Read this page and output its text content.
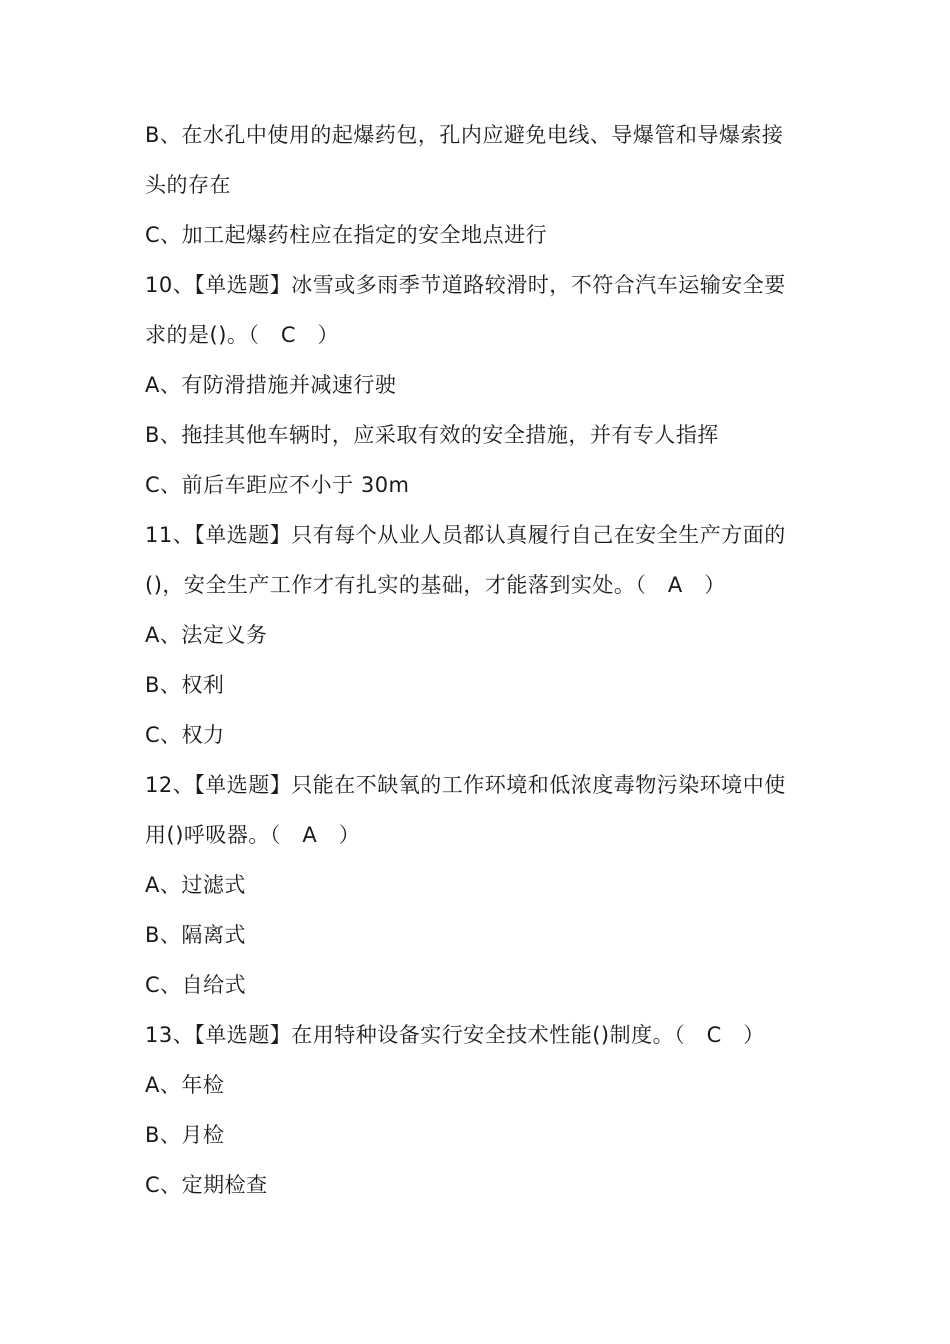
B、在水孔中使用的起爆药包，孔内应避免电线、导爆管和导爆索接
头的存在
C、加工起爆药柱应在指定的安全地点进行
10、【单选题】冰雪或多雨季节道路较滑时，不符合汽车运输安全要
求的是()。（　C　）
A、有防滑措施并减速行驶
B、拖挂其他车辆时，应采取有效的安全措施，并有专人指挥
C、前后车距应不小于 30m
11、【单选题】只有每个从业人员都认真履行自己在安全生产方面的
()，安全生产工作才有扎实的基础，才能落到实处。（　A　）
A、法定义务
B、权利
C、权力
12、【单选题】只能在不缺氧的工作环境和低浓度毒物污染环境中使
用()呼吸器。（　A　）
A、过滤式
B、隔离式
C、自给式
13、【单选题】在用特种设备实行安全技术性能()制度。（　C　）
A、年检
B、月检
C、定期检查
